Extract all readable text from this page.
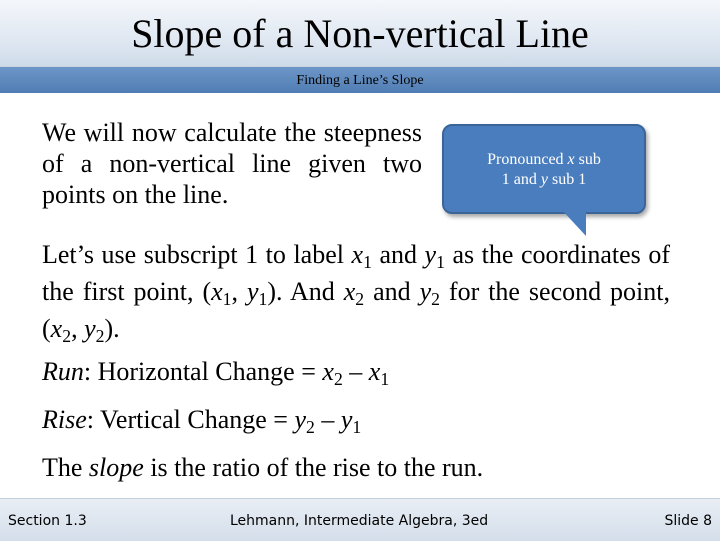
Slope of a Non-vertical Line
Finding a Line’s Slope
We will now calculate the steepness of a non-vertical line given two points on the line.
Pronounced x sub
1 and y sub 1
Let’s use subscript 1 to label $x_1$ and $y_1$ as the coordinates of the first point, ($x_1$, $y_1$). And $x_2$ and $y_2$ for the second point, ($x_2$, $y_2$).
Run: Horizontal Change = $x_2 - x_1$
Rise: Vertical Change = $y_2 - y_1$
The slope is the ratio of the rise to the run.
Section 1.3	Lehmann, Intermediate Algebra, 3ed	Slide 8
